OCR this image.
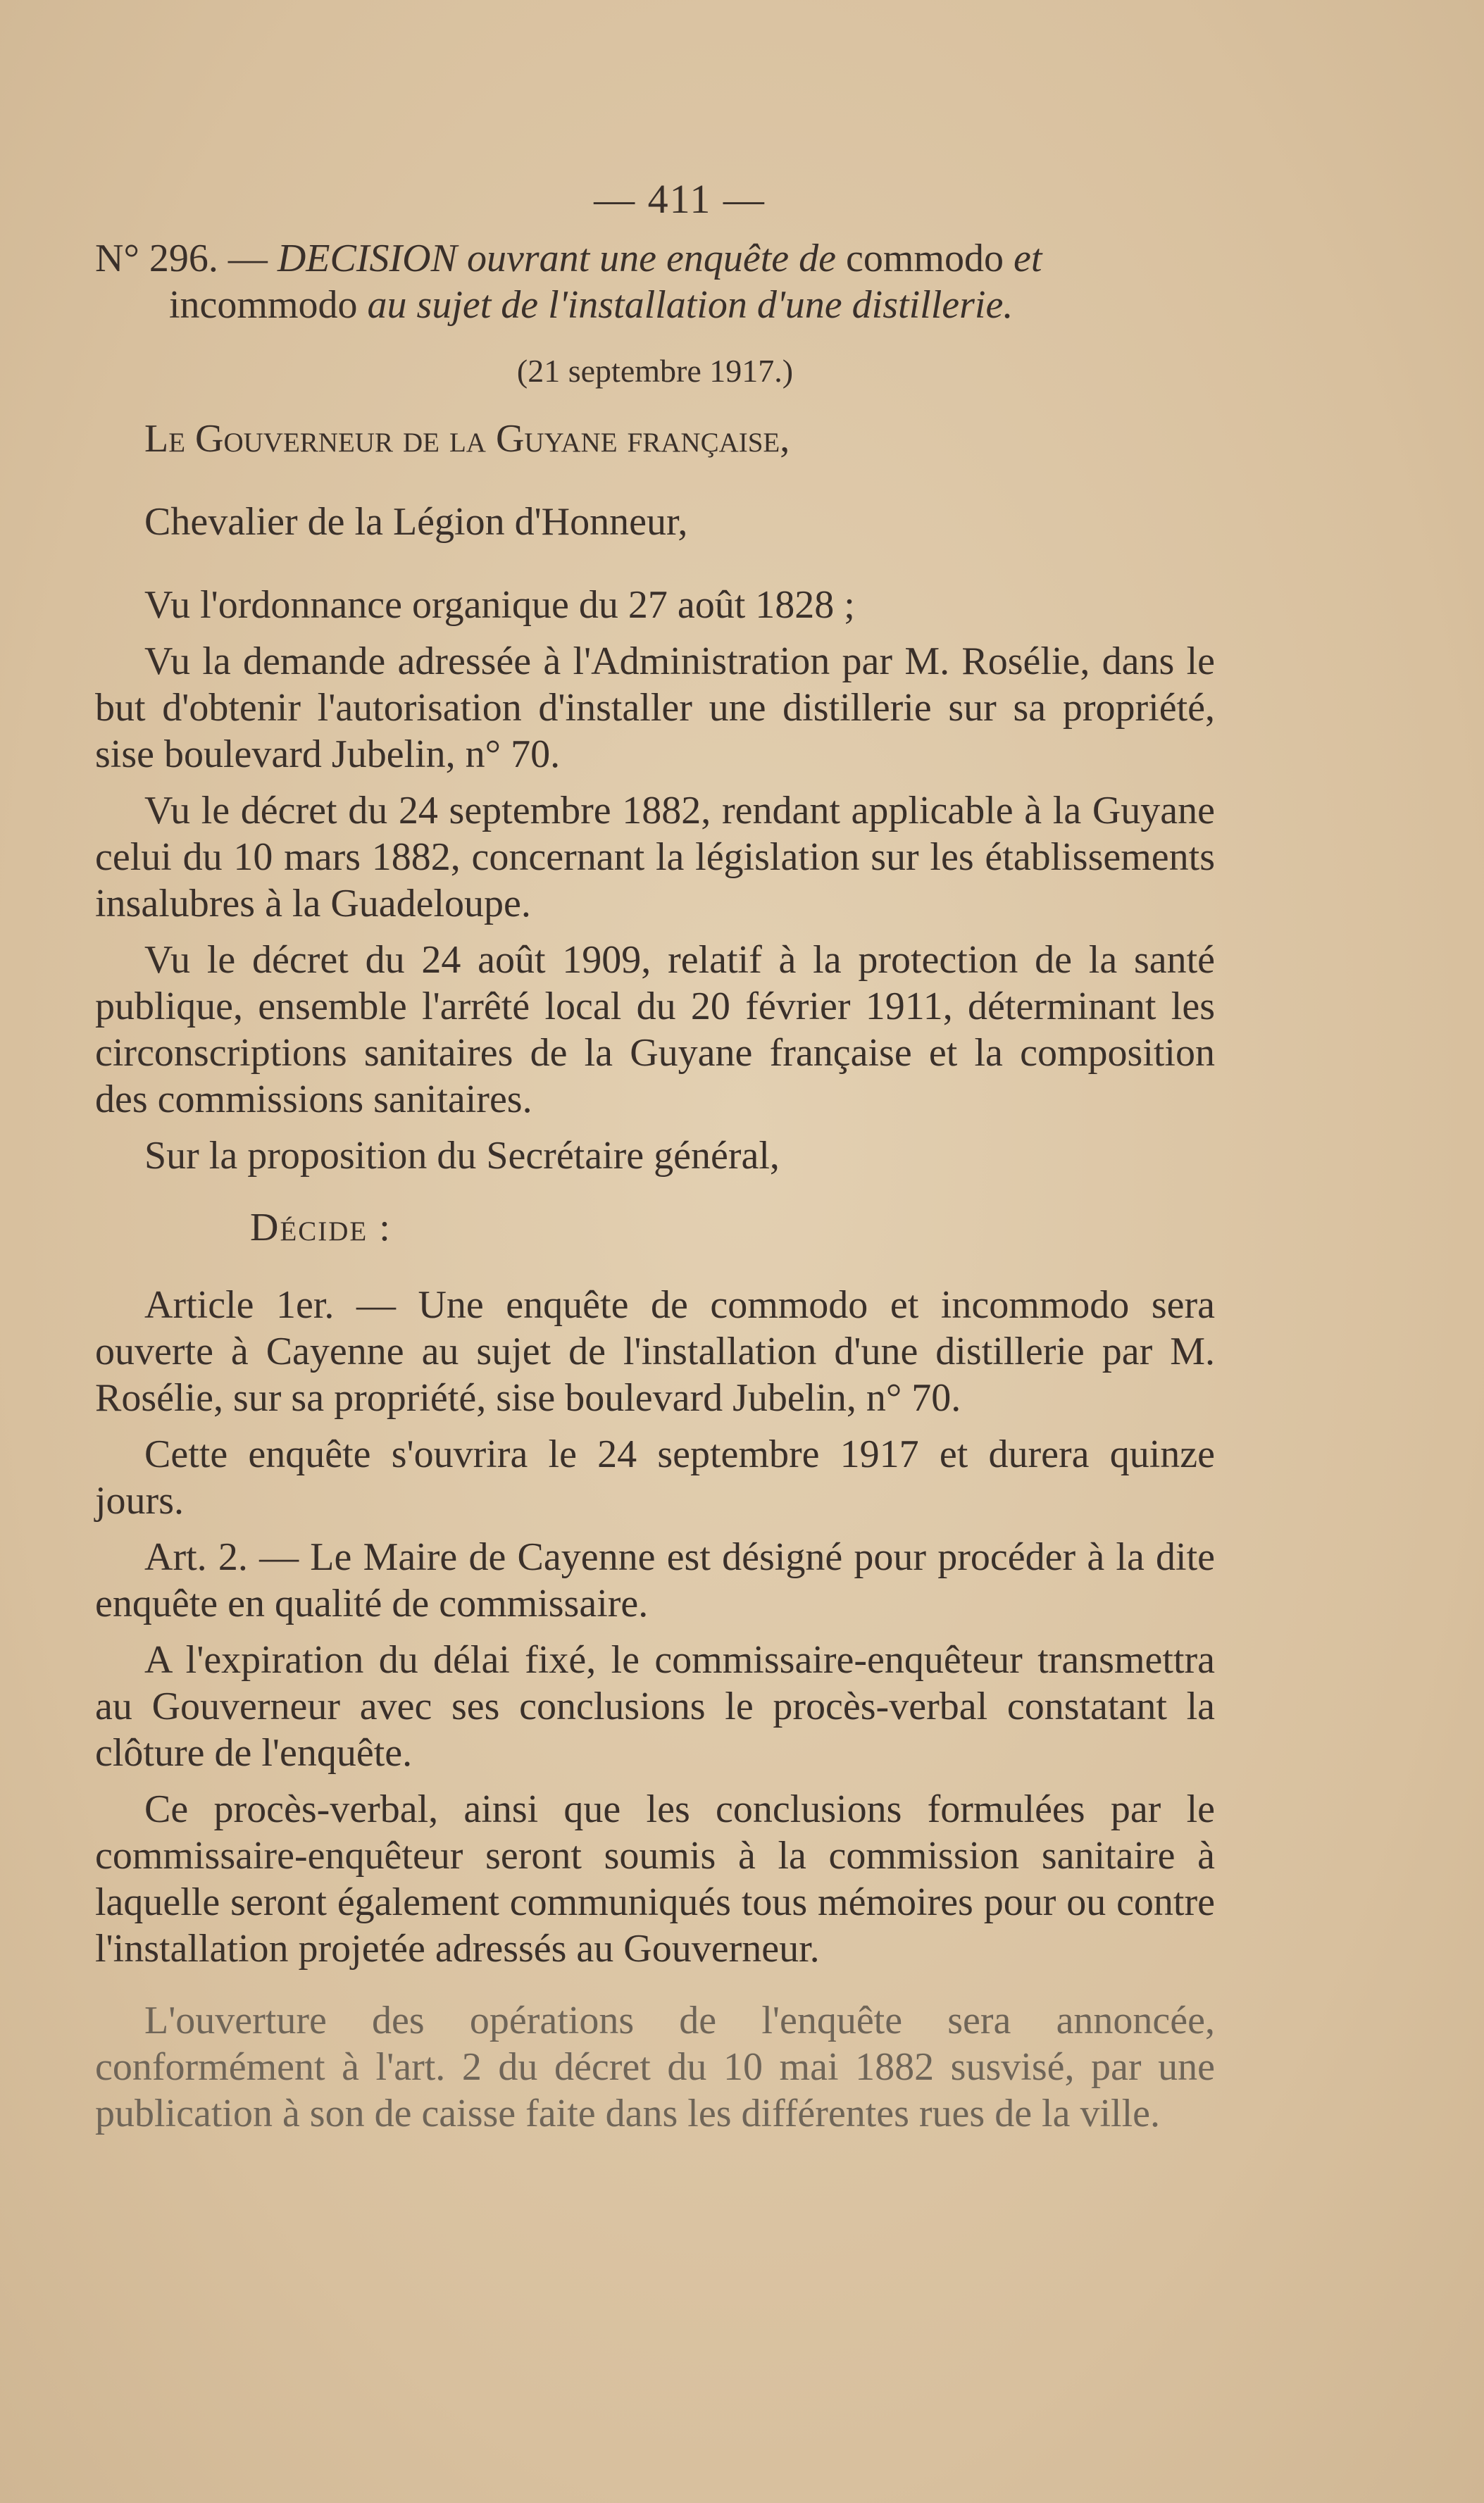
— 411 —

N° 296. — DECISION ouvrant une enquête de commodo et incommodo au sujet de l'installation d'une distillerie.

(21 septembre 1917.)

Le Gouverneur de la Guyane française,

Chevalier de la Légion d'Honneur,

Vu l'ordonnance organique du 27 août 1828 ;

Vu la demande adressée à l'Administration par M. Rosélie, dans le but d'obtenir l'autorisation d'installer une distillerie sur sa propriété, sise boulevard Jubelin, n° 70.

Vu le décret du 24 septembre 1882, rendant applicable à la Guyane celui du 10 mars 1882, concernant la législation sur les établissements insalubres à la Guadeloupe.

Vu le décret du 24 août 1909, relatif à la protection de la santé publique, ensemble l'arrêté local du 20 février 1911, déterminant les circonscriptions sanitaires de la Guyane française et la composition des commissions sanitaires.

Sur la proposition du Secrétaire général,

Décide :

Article 1er. — Une enquête de commodo et incommodo sera ouverte à Cayenne au sujet de l'installation d'une distillerie par M. Rosélie, sur sa propriété, sise boulevard Jubelin, n° 70.

Cette enquête s'ouvrira le 24 septembre 1917 et durera quinze jours.

Art. 2. — Le Maire de Cayenne est désigné pour procéder à la dite enquête en qualité de commissaire.

A l'expiration du délai fixé, le commissaire-enquêteur transmettra au Gouverneur avec ses conclusions le procès-verbal constatant la clôture de l'enquête.

Ce procès-verbal, ainsi que les conclusions formulées par le commissaire-enquêteur seront soumis à la commission sanitaire à laquelle seront également communiqués tous mémoires pour ou contre l'installation projetée adressés au Gouverneur.

L'ouverture des opérations de l'enquête sera annoncée, conformément à l'art. 2 du décret du 10 mai 1882 susvisé, par une publication à son de caisse faite dans les différentes rues de la ville.
